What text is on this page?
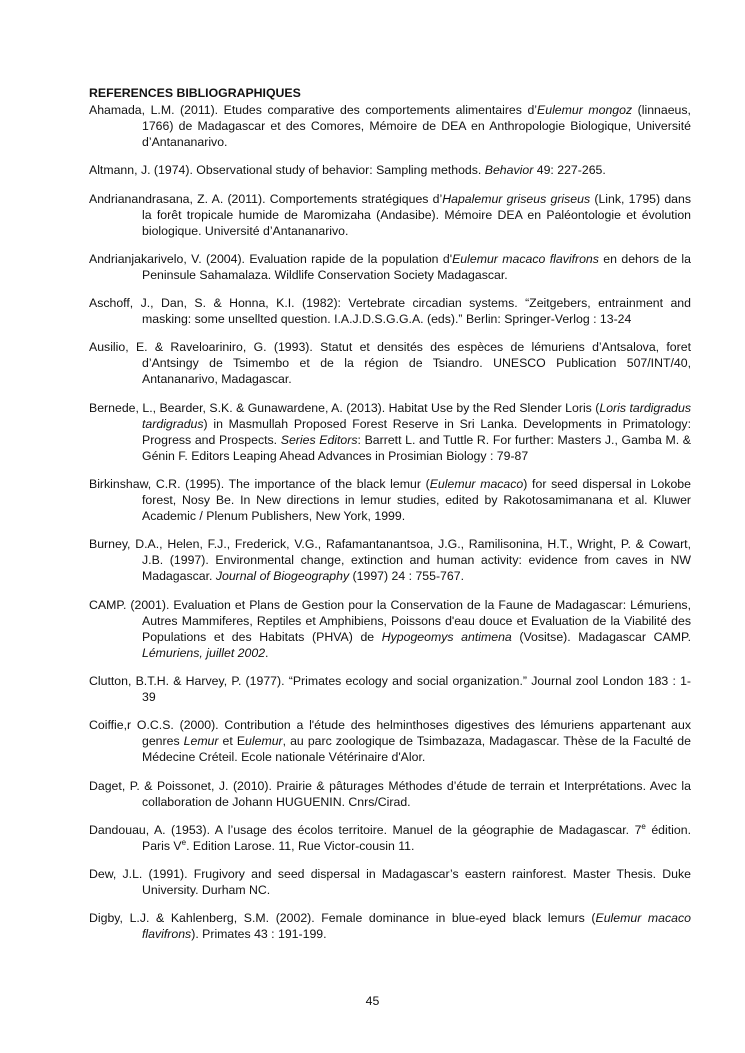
REFERENCES BIBLIOGRAPHIQUES

Ahamada, L.M. (2011). Etudes comparative des comportements alimentaires d’Eulemur mongoz (linnaeus, 1766) de Madagascar et des Comores, Mémoire de DEA en Anthropologie Biologique, Université d’Antananarivo.

Altmann, J. (1974). Observational study of behavior: Sampling methods. Behavior 49: 227-265.

Andrianandrasana, Z. A. (2011). Comportements stratégiques d’Hapalemur griseus griseus (Link, 1795) dans la forêt tropicale humide de Maromizaha (Andasibe). Mémoire DEA en Paléontologie et évolution biologique. Université d’Antananarivo.

Andrianjakarivelo, V. (2004). Evaluation rapide de la population d'Eulemur macaco flavifrons en dehors de la Peninsule Sahamalaza. Wildlife Conservation Society Madagascar.

Aschoff, J., Dan, S. & Honna, K.I. (1982): Vertebrate circadian systems. “Zeitgebers, entrainment and masking: some unsellted question. I.A.J.D.S.G.G.A. (eds).” Berlin: Springer-Verlog : 13-24

Ausilio, E. & Raveloariniro, G. (1993). Statut et densités des espèces de lémuriens d’Antsalova, foret d’Antsingy de Tsimembo et de la région de Tsiandro. UNESCO Publication 507/INT/40, Antananarivo, Madagascar.

Bernede, L., Bearder, S.K. & Gunawardene, A. (2013). Habitat Use by the Red Slender Loris (Loris tardigradus tardigradus) in Masmullah Proposed Forest Reserve in Sri Lanka. Developments in Primatology: Progress and Prospects. Series Editors: Barrett L. and Tuttle R. For further: Masters J., Gamba M. & Génin F. Editors Leaping Ahead Advances in Prosimian Biology : 79-87

Birkinshaw, C.R. (1995). The importance of the black lemur (Eulemur macaco) for seed dispersal in Lokobe forest, Nosy Be. In New directions in lemur studies, edited by Rakotosamimanana et al. Kluwer Academic / Plenum Publishers, New York, 1999.

Burney, D.A., Helen, F.J., Frederick, V.G., Rafamantanantsoa, J.G., Ramilisonina, H.T., Wright, P. & Cowart, J.B. (1997). Environmental change, extinction and human activity: evidence from caves in NW Madagascar. Journal of Biogeography (1997) 24 : 755-767.

CAMP. (2001). Evaluation et Plans de Gestion pour la Conservation de la Faune de Madagascar: Lémuriens, Autres Mammiferes, Reptiles et Amphibiens, Poissons d'eau douce et Evaluation de la Viabilité des Populations et des Habitats (PHVA) de Hypogeomys antimena (Vositse). Madagascar CAMP. Lémuriens, juillet 2002.

Clutton, B.T.H. & Harvey, P. (1977). “Primates ecology and social organization.” Journal zool London 183 : 1-39

Coiffie,r O.C.S. (2000). Contribution a l'étude des helminthoses digestives des lémuriens appartenant aux genres Lemur et Eulemur, au parc zoologique de Tsimbazaza, Madagascar. Thèse de la Faculté de Médecine Créteil. Ecole nationale Vétérinaire d'Alor.

Daget, P. & Poissonet, J. (2010). Prairie & pâturages Méthodes d’étude de terrain et Interprétations. Avec la collaboration de Johann HUGUENIN. Cnrs/Cirad.

Dandouau, A. (1953). A l’usage des écolos territoire. Manuel de la géographie de Madagascar. 7e édition. Paris Ve. Edition Larose. 11, Rue Victor-cousin 11.

Dew, J.L. (1991). Frugivory and seed dispersal in Madagascar’s eastern rainforest. Master Thesis. Duke University. Durham NC.

Digby, L.J. & Kahlenberg, S.M. (2002). Female dominance in blue-eyed black lemurs (Eulemur macaco flavifrons). Primates 43 : 191-199.

45
